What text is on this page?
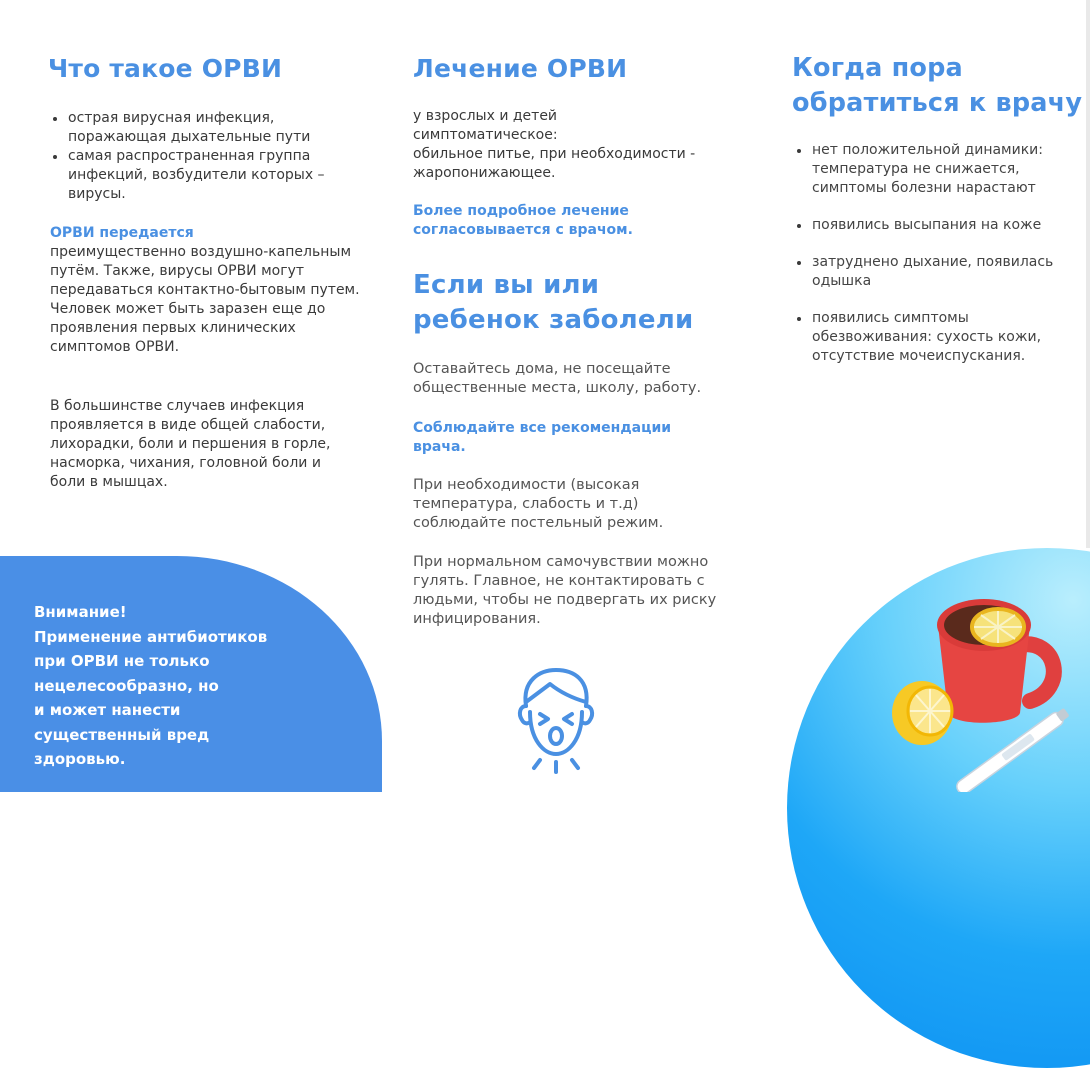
Что такое ОРВИ
острая вирусная инфекция, поражающая дыхательные пути
самая распространенная группа инфекций, возбудители которых – вирусы.

ОРВИ передается

преимущественно воздушно-капельным путём. Также, вирусы ОРВИ могут передаваться контактно-бытовым путем. Человек может быть заразен еще до проявления первых клинических симптомов ОРВИ.

В большинстве случаев инфекция проявляется в виде общей слабости, лихорадки, боли и першения в горле, насморка, чихания, головной боли и боли в мышцах.

Внимание!
Применение антибиотиков
при ОРВИ не только
нецелесообразно, но
и может нанести
существенный вред
здоровью.
Лечение ОРВИ
у взрослых и детей
симптоматическое:
обильное питье, при необходимости -
жаропонижающее.

Более подробное лечение согласовывается с врачом.

Если вы или ребенок заболели

Оставайтесь дома, не посещайте общественные места, школу, работу.

Соблюдайте все рекомендации врача.

При необходимости (высокая температура, слабость и т.д) соблюдайте постельный режим.

При нормальном самочувствии можно гулять. Главное, не контактировать с людьми, чтобы не подвергать их риску инфицирования.

Когда пора обратиться к врачу
нет положительной динамики: температура не снижается, симптомы болезни нарастают
появились высыпания на коже
затруднено дыхание, появилась одышка
появились симптомы обезвоживания: сухость кожи, отсутствие мочеиспускания.
